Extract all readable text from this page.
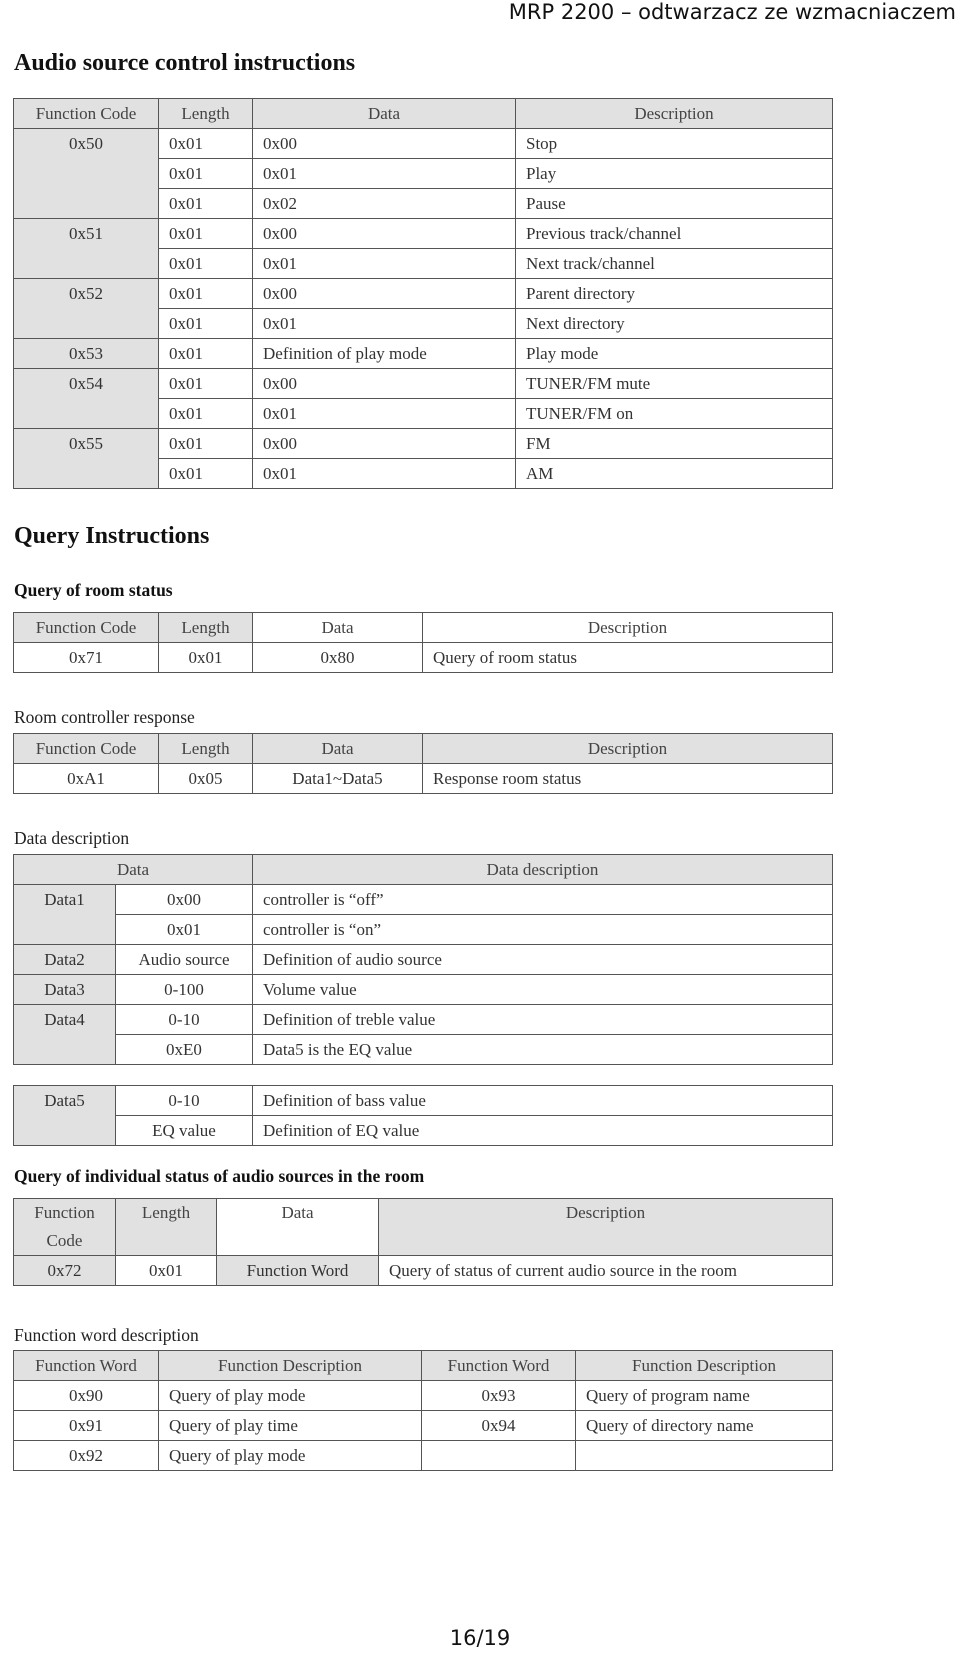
MRP 2200 – odtwarzacz ze wzmacniaczem
Audio source control instructions
Function Code	Length	Data	Description
0x50	0x01	0x00	Stop
	0x01	0x01	Play
	0x01	0x02	Pause
0x51	0x01	0x00	Previous track/channel
	0x01	0x01	Next track/channel
0x52	0x01	0x00	Parent directory
	0x01	0x01	Next directory
0x53	0x01	Definition of play mode	Play mode
0x54	0x01	0x00	TUNER/FM mute
	0x01	0x01	TUNER/FM on
0x55	0x01	0x00	FM
	0x01	0x01	AM
Query Instructions
Query of room status
Function Code	Length	Data	Description
0x71	0x01	0x80	Query of room status
Room controller response
Function Code	Length	Data	Description
0xA1	0x05	Data1~Data5	Response room status
Data description
Data		Data description
Data1	0x00	controller is “off”
	0x01	controller is “on”
Data2	Audio source	Definition of audio source
Data3	0-100	Volume value
Data4	0-10	Definition of treble value
	0xE0	Data5 is the EQ value
Data5	0-10	Definition of bass value
	EQ value	Definition of EQ value
Query of individual status of audio sources in the room
Function Code	Length	Data	Description
0x72	0x01	Function Word	Query of status of current audio source in the room
Function word description
Function Word	Function Description	Function Word	Function Description
0x90	Query of play mode	0x93	Query of program name
0x91	Query of play time	0x94	Query of directory name
0x92	Query of play mode		
16/19
